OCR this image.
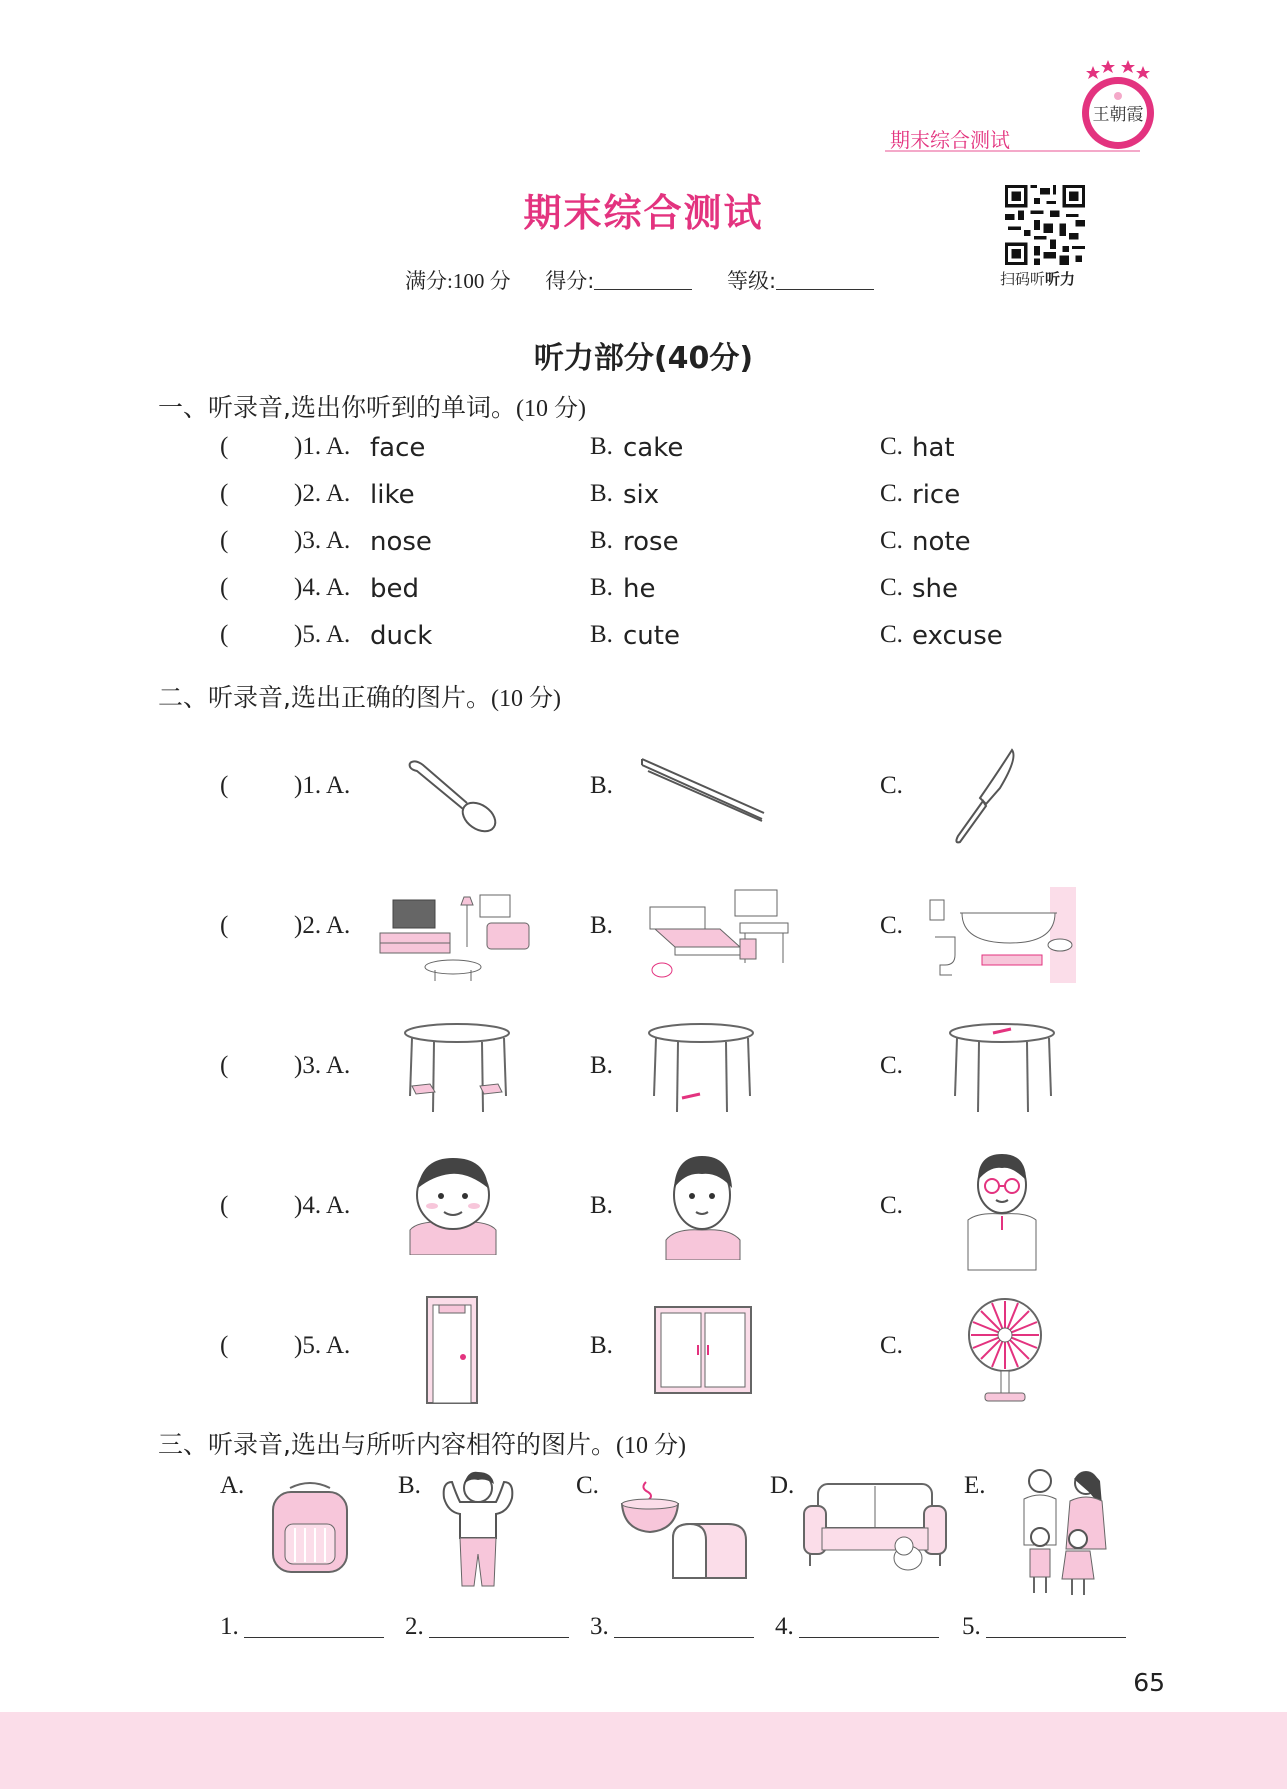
期末综合测试
王朝霞
期末综合测试
扫码听听力
满分:100 分 得分:	等级:
听力部分(40分)
一、听录音,选出你听到的单词。(10 分)
(	)1. A. face	B. cake	C. hat
(	)2. A. like	B. six	C. rice
(	)3. A. nose	B. rose	C. note
(	)4. A. bed	B. he	C. she
(	)5. A. duck	B. cute	C. excuse
二、听录音,选出正确的图片。(10 分)
(	)1. A.	B.	C.
(	)2. A.	B.	C.
(	)3. A.	B.	C.
(	)4. A.	B.	C.
(	)5. A.	B.	C.
三、听录音,选出与所听内容相符的图片。(10 分)
A.	B.	C.	D.	E.
1.	2.	3.	4.	5.
65
